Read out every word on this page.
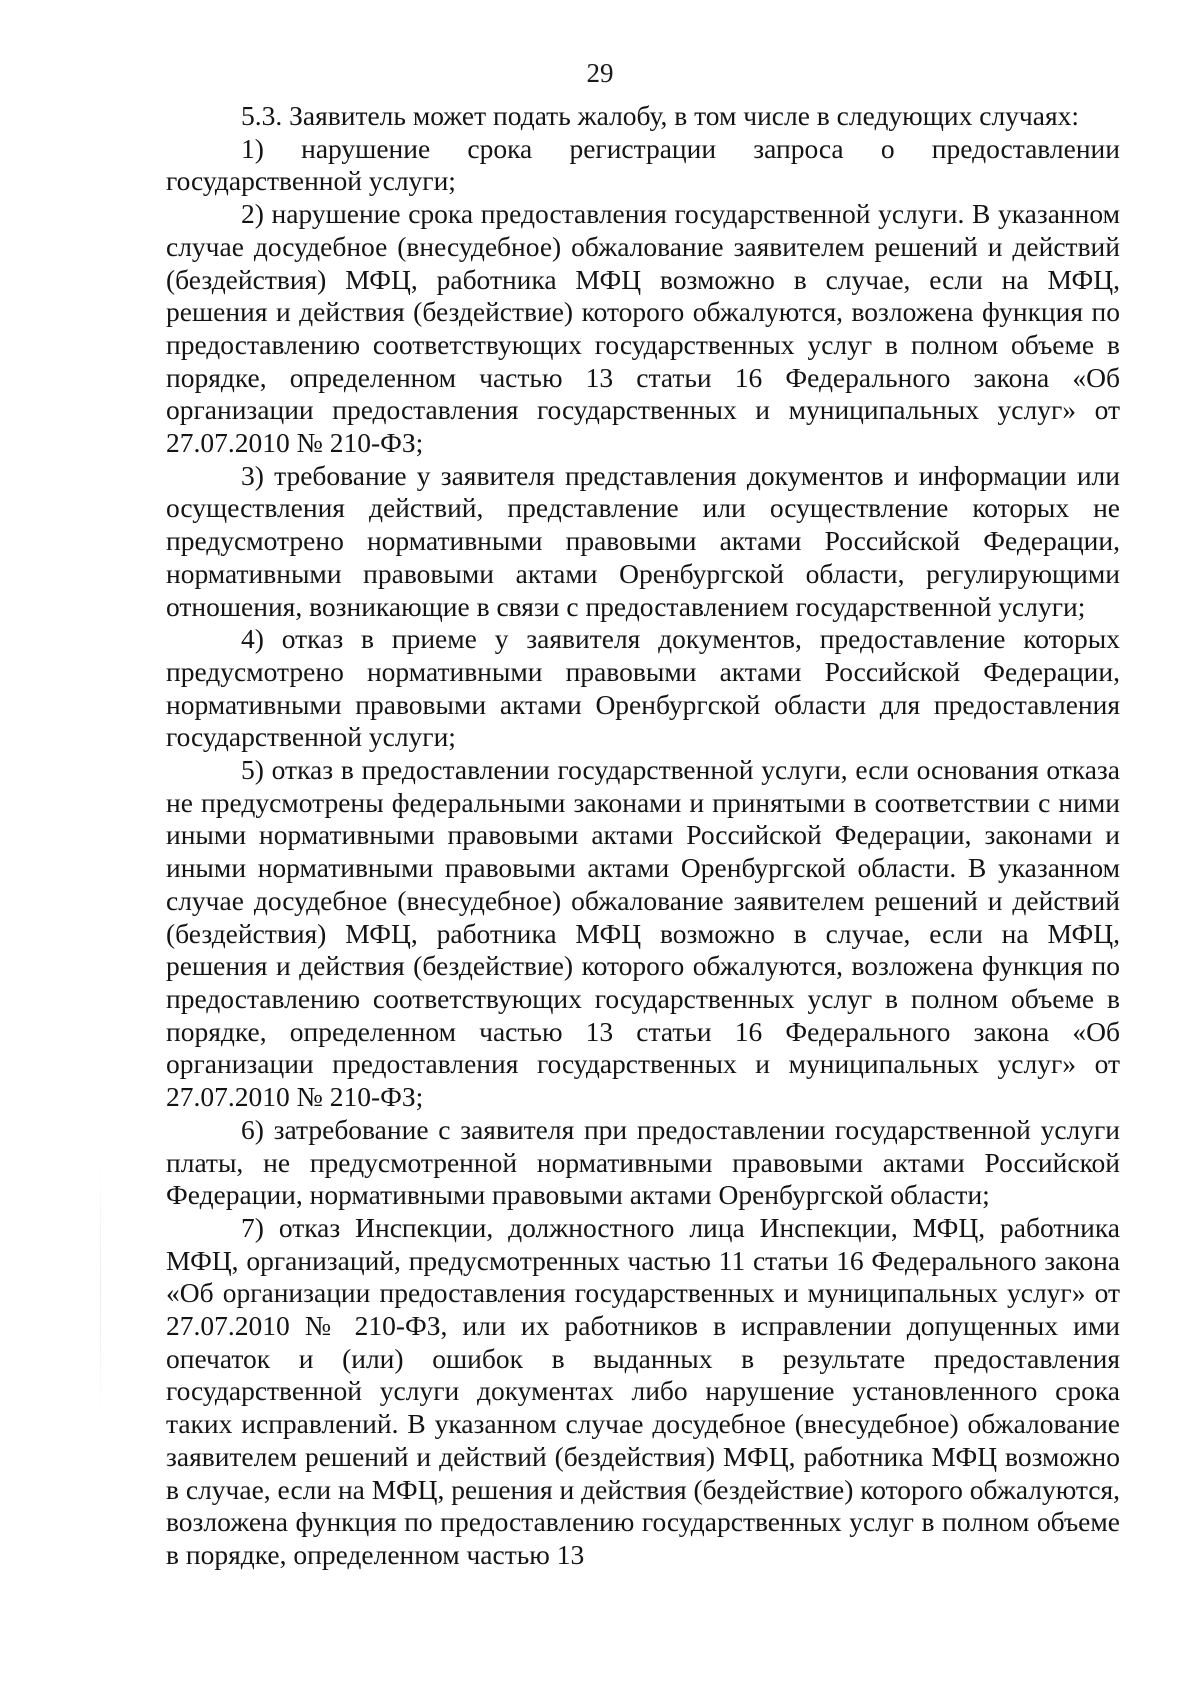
29

5.3. Заявитель может подать жалобу, в том числе в следующих случаях:

1) нарушение срока регистрации запроса о предоставлении государственной услуги;

2) нарушение срока предоставления государственной услуги. В указанном случае досудебное (внесудебное) обжалование заявителем решений и действий (бездействия) МФЦ, работника МФЦ возможно в случае, если на МФЦ, решения и действия (бездействие) которого обжалуются, возложена функция по предоставлению соответствующих государственных услуг в полном объеме в порядке, определенном частью 13 статьи 16 Федерального закона «Об организации предоставления государственных и муниципальных услуг» от 27.07.2010 № 210-ФЗ;

3) требование у заявителя представления документов и информации или осуществления действий, представление или осуществление которых не предусмотрено нормативными правовыми актами Российской Федерации, нормативными правовыми актами Оренбургской области, регулирующими отношения, возникающие в связи с предоставлением государственной услуги;

4) отказ в приеме у заявителя документов, предоставление которых предусмотрено нормативными правовыми актами Российской Федерации, нормативными правовыми актами Оренбургской области для предоставления государственной услуги;

5) отказ в предоставлении государственной услуги, если основания отказа не предусмотрены федеральными законами и принятыми в соответствии с ними иными нормативными правовыми актами Российской Федерации, законами и иными нормативными правовыми актами Оренбургской области. В указанном случае досудебное (внесудебное) обжалование заявителем решений и действий (бездействия) МФЦ, работника МФЦ возможно в случае, если на МФЦ, решения и действия (бездействие) которого обжалуются, возложена функция по предоставлению соответствующих государственных услуг в полном объеме в порядке, определенном частью 13 статьи 16 Федерального закона «Об организации предоставления государственных и муниципальных услуг» от 27.07.2010 № 210-ФЗ;

6) затребование с заявителя при предоставлении государственной услуги платы, не предусмотренной нормативными правовыми актами Российской Федерации, нормативными правовыми актами Оренбургской области;

7) отказ Инспекции, должностного лица Инспекции, МФЦ, работника МФЦ, организаций, предусмотренных частью 11 статьи 16 Федерального закона «Об организации предоставления государственных и муниципальных услуг» от 27.07.2010 № 210-ФЗ, или их работников в исправлении допущенных ими опечаток и (или) ошибок в выданных в результате предоставления государственной услуги документах либо нарушение установленного срока таких исправлений. В указанном случае досудебное (внесудебное) обжалование заявителем решений и действий (бездействия) МФЦ, работника МФЦ возможно в случае, если на МФЦ, решения и действия (бездействие) которого обжалуются, возложена функция по предоставлению государственных услуг в полном объеме в порядке, определенном частью 13
